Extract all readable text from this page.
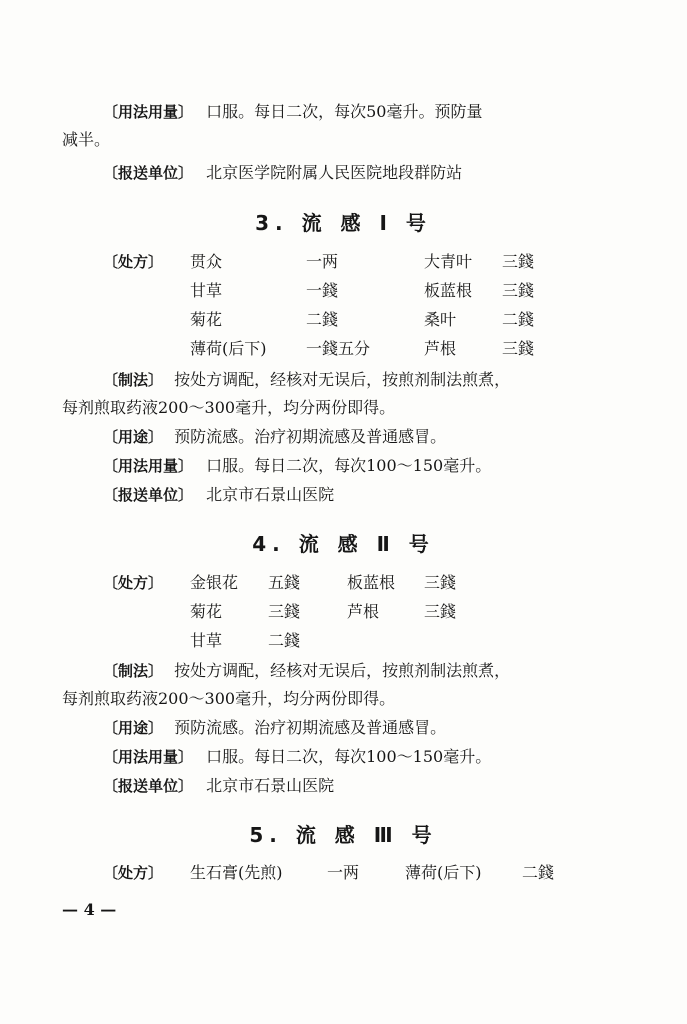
〔用法用量〕 口服。每日二次，每次50毫升。预防量
减半。
〔报送单位〕 北京医学院附属人民医院地段群防站
3. 流 感 Ⅰ 号
〔处方〕 贯众	一两	大青叶 三錢
甘草	一錢	板蓝根 三錢
菊花	二錢	桑叶	二錢
薄荷(后下) 一錢五分	芦根	三錢
〔制法〕 按处方调配，经核对无误后，按煎剂制法煎煮，
每剂煎取药液200～300毫升，均分两份即得。
〔用途〕 预防流感。治疗初期流感及普通感冒。
〔用法用量〕 口服。每日二次，每次100～150毫升。
〔报送单位〕 北京市石景山医院
4. 流 感 Ⅱ 号
〔处方〕 金银花 五錢	板蓝根 三錢
菊花	三錢	芦根	三錢
甘草	二錢
〔制法〕 按处方调配，经核对无误后，按煎剂制法煎煮，
每剂煎取药液200～300毫升，均分两份即得。
〔用途〕 预防流感。治疗初期流感及普通感冒。
〔用法用量〕 口服。每日二次，每次100～150毫升。
〔报送单位〕 北京市石景山医院
5. 流 感 Ⅲ 号
〔处方〕 生石膏(先煎)	一两	薄荷(后下)	二錢
— 4 —
